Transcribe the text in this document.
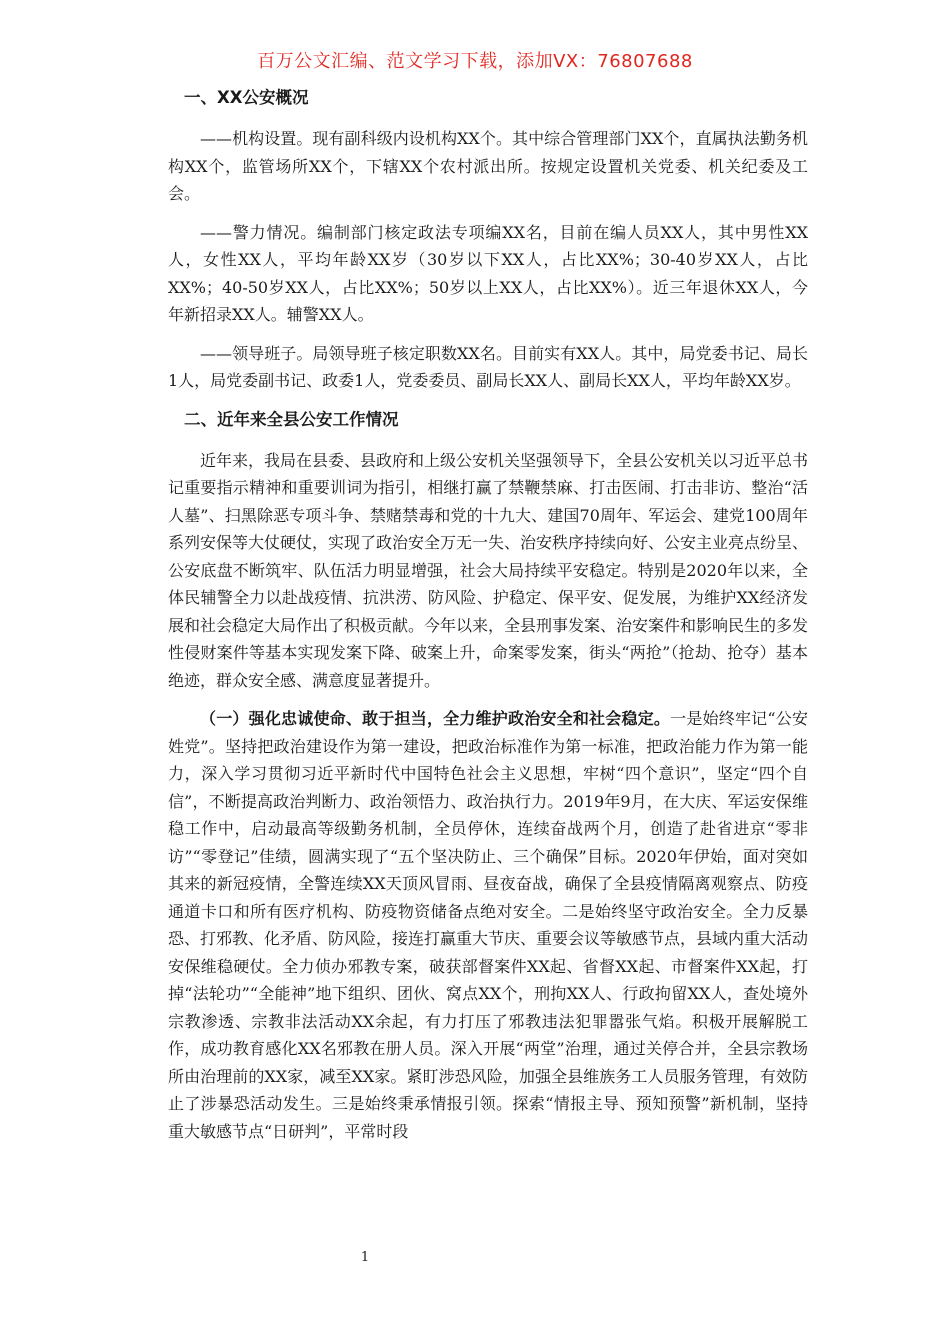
百万公文汇编、范文学习下载，添加VX：76807688
一、XX公安概况

——机构设置。现有副科级内设机构XX个。其中综合管理部门XX个，直属执法勤务机构XX个，监管场所XX个，下辖XX个农村派出所。按规定设置机关党委、机关纪委及工会。

——警力情况。编制部门核定政法专项编XX名，目前在编人员XX人，其中男性XX人，女性XX人，平均年龄XX岁（30岁以下XX人，占比XX%；30-40岁XX人，占比XX%；40-50岁XX人，占比XX%；50岁以上XX人，占比XX%）。近三年退休XX人，今年新招录XX人。辅警XX人。

——领导班子。局领导班子核定职数XX名。目前实有XX人。其中，局党委书记、局长1人，局党委副书记、政委1人，党委委员、副局长XX人、副局长XX人，平均年龄XX岁。

二、近年来全县公安工作情况

近年来，我局在县委、县政府和上级公安机关坚强领导下，全县公安机关以习近平总书记重要指示精神和重要训词为指引，相继打赢了禁鞭禁麻、打击医闹、打击非访、整治“活人墓”、扫黑除恶专项斗争、禁赌禁毒和党的十九大、建国70周年、军运会、建党100周年系列安保等大仗硬仗，实现了政治安全万无一失、治安秩序持续向好、公安主业亮点纷呈、公安底盘不断筑牢、队伍活力明显增强，社会大局持续平安稳定。特别是2020年以来，全体民辅警全力以赴战疫情、抗洪涝、防风险、护稳定、保平安、促发展，为维护XX经济发展和社会稳定大局作出了积极贡献。今年以来，全县刑事发案、治安案件和影响民生的多发性侵财案件等基本实现发案下降、破案上升，命案零发案，街头“两抢”（抢劫、抢夺）基本绝迹，群众安全感、满意度显著提升。

（一）强化忠诚使命、敢于担当，全力维护政治安全和社会稳定。一是始终牢记“公安姓党”。坚持把政治建设作为第一建设，把政治标准作为第一标准，把政治能力作为第一能力，深入学习贯彻习近平新时代中国特色社会主义思想，牢树“四个意识”，坚定“四个自信”，不断提高政治判断力、政治领悟力、政治执行力。2019年9月，在大庆、军运安保维稳工作中，启动最高等级勤务机制，全员停休，连续奋战两个月，创造了赴省进京“零非访”“零登记”佳绩，圆满实现了“五个坚决防止、三个确保”目标。2020年伊始，面对突如其来的新冠疫情，全警连续XX天顶风冒雨、昼夜奋战，确保了全县疫情隔离观察点、防疫通道卡口和所有医疗机构、防疫物资储备点绝对安全。二是始终坚守政治安全。全力反暴恐、打邪教、化矛盾、防风险，接连打赢重大节庆、重要会议等敏感节点，县域内重大活动安保维稳硬仗。全力侦办邪教专案，破获部督案件XX起、省督XX起、市督案件XX起，打掉“法轮功”“全能神”地下组织、团伙、窝点XX个，刑拘XX人、行政拘留XX人，查处境外宗教渗透、宗教非法活动XX余起，有力打压了邪教违法犯罪嚣张气焰。积极开展解脱工作，成功教育感化XX名邪教在册人员。深入开展“两堂”治理，通过关停合并，全县宗教场所由治理前的XX家，减至XX家。紧盯涉恐风险，加强全县维族务工人员服务管理，有效防止了涉暴恐活动发生。三是始终秉承情报引领。探索“情报主导、预知预警”新机制，坚持重大敏感节点“日研判”，平常时段

1
